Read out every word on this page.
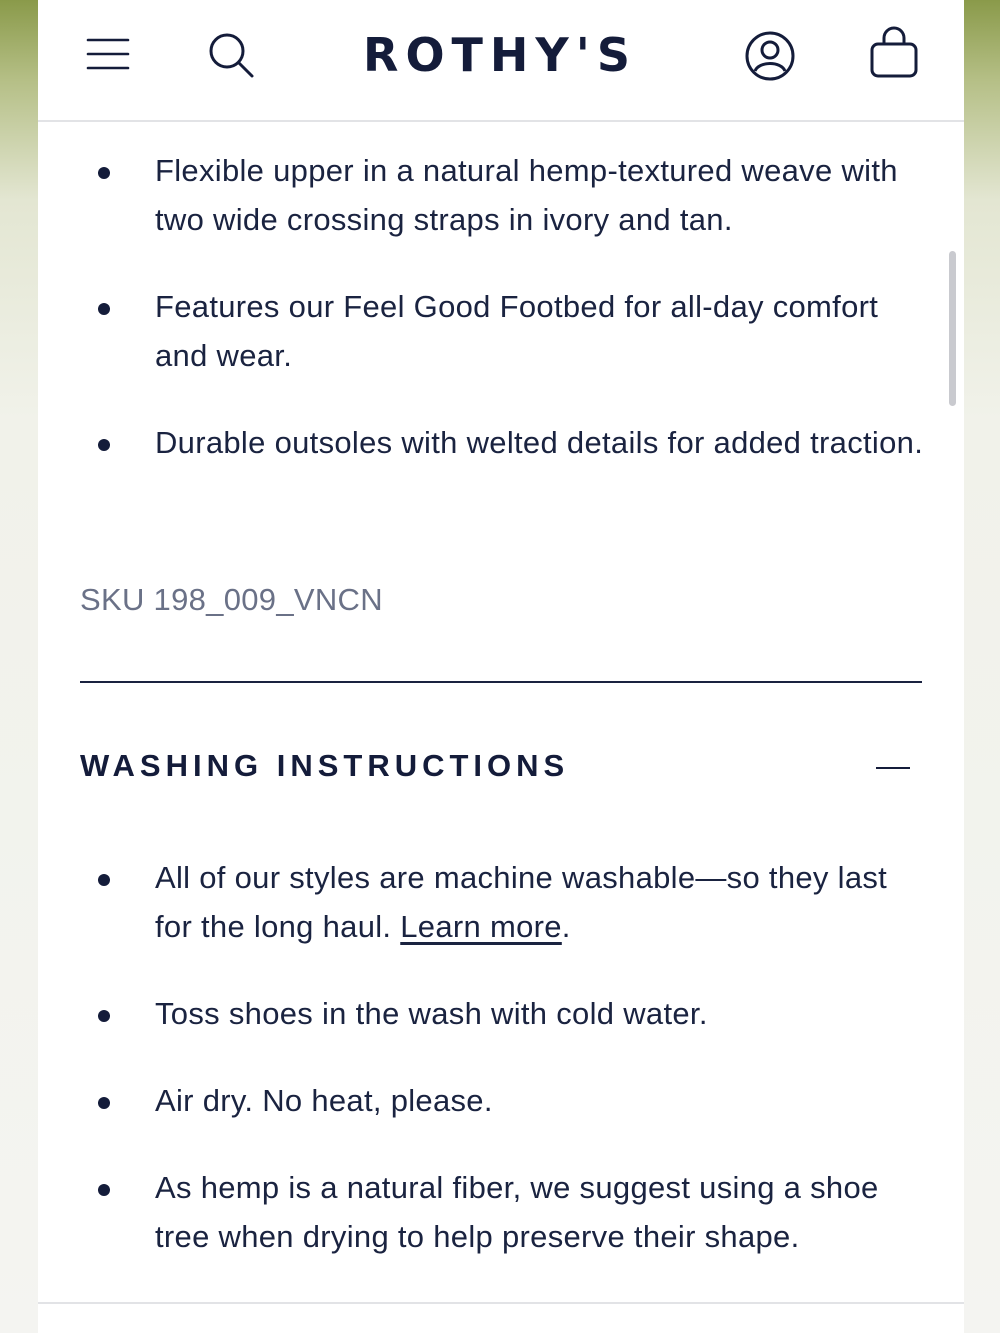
ROTHY'S
Flexible upper in a natural hemp-textured weave with two wide crossing straps in ivory and tan.
Features our Feel Good Footbed for all-day comfort and wear.
Durable outsoles with welted details for added traction.
SKU 198_009_VNCN
WASHING INSTRUCTIONS
All of our styles are machine washable—so they last for the long haul. Learn more.
Toss shoes in the wash with cold water.
Air dry. No heat, please.
As hemp is a natural fiber, we suggest using a shoe tree when drying to help preserve their shape.
